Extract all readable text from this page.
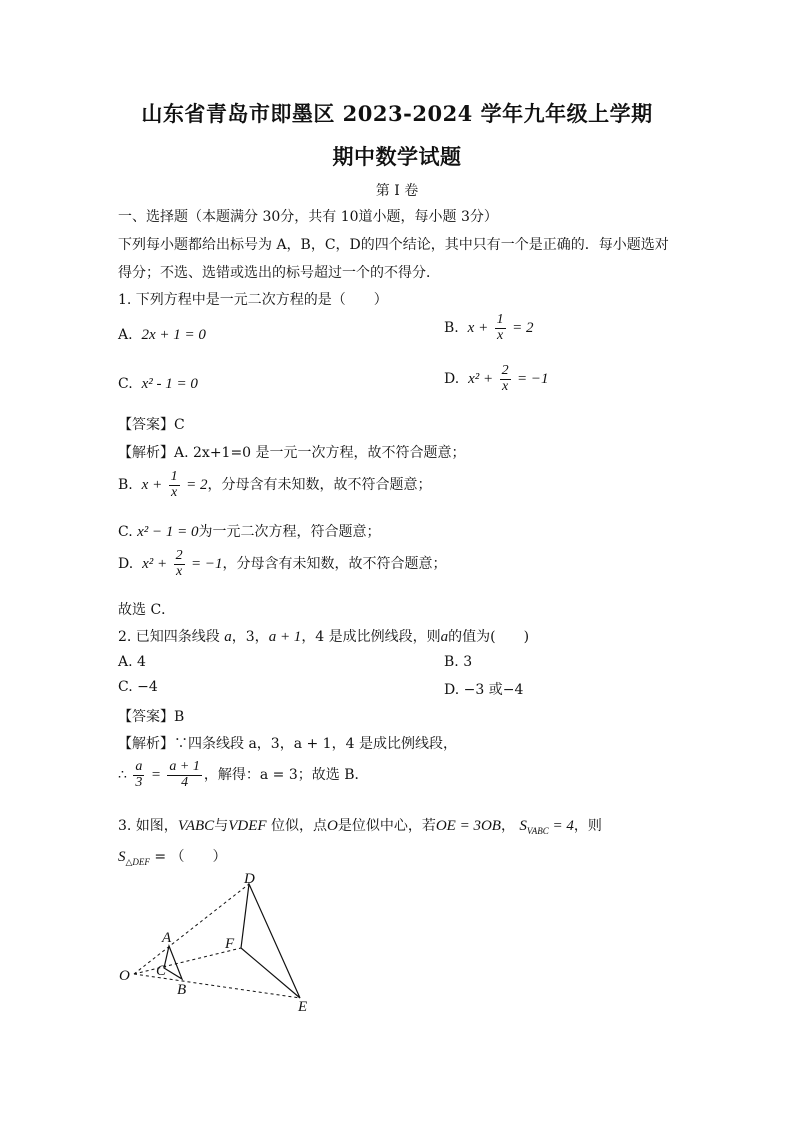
山东省青岛市即墨区 2023-2024 学年九年级上学期
期中数学试题
第 I 卷
一、选择题（本题满分 30分，共有 10道小题，每小题 3分）
下列每小题都给出标号为 A，B，C，D的四个结论，其中只有一个是正确的．每小题选对
得分；不选、选错或选出的标号超过一个的不得分．
1. 下列方程中是一元二次方程的是（　　）
A. 2x + 1 = 0	B. $x + \frac{1}{x} = 2$
C. x² - 1 = 0	D. $x^2 + \frac{2}{x} = -1$
【答案】C
【解析】A. 2x+1=0 是一元一次方程，故不符合题意；
B. $x + \frac{1}{x} = 2$，分母含有未知数，故不符合题意；
C. x² − 1 = 0为一元二次方程，符合题意；
D. $x^2 + \frac{2}{x} = -1$，分母含有未知数，故不符合题意；
故选 C．
2. 已知四条线段 a，3，a + 1，4 是成比例线段，则a的值为(　　)
A. 4	B. 3
C. −4	D. −3 或−4
【答案】B
【解析】∵四条线段 a，3，a + 1，4 是成比例线段，
∴ $\frac{a}{3} = \frac{a + 1}{4}$ ，解得：a = 3；故选 B．
3. 如图，VABC与VDEF 位似，点O是位似中心，若OE = 3OB， $S_{VABC} = 4$，则
$S_{\triangle DEF}$ = （　　）
O
A
C
B
D
F
E
